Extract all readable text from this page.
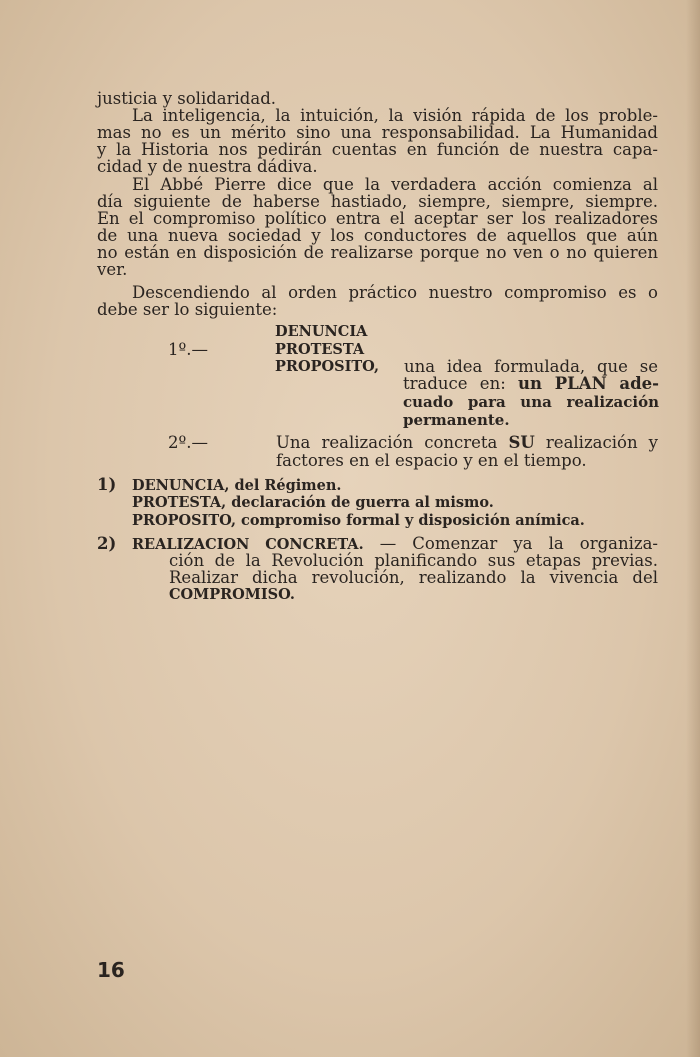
justicia y solidaridad.
La inteligencia, la intuición, la visión rápida de los proble-
mas no es un mérito sino una responsabilidad. La Humanidad
y la Historia nos pedirán cuentas en función de nuestra capa-
cidad y de nuestra dádiva.
El Abbé Pierre dice que la verdadera acción comienza al
día siguiente de haberse hastiado, siempre, siempre, siempre.
En el compromiso político entra el aceptar ser los realizadores
de una nueva sociedad y los conductores de aquellos que aún
no están en disposición de realizarse porque no ven o no quieren
ver.
Descendiendo al orden práctico nuestro compromiso es o
debe ser lo siguiente:
DENUNCIA
1º.—	PROTESTA
PROPOSITO, una idea formulada, que se
traduce en: un PLAN ade-
cuado para una realización
permanente.
2º.—	Una realización concreta SU realización y
factores en el espacio y en el tiempo.
1) DENUNCIA, del Régimen.
PROTESTA, declaración de guerra al mismo.
PROPOSITO, compromiso formal y disposición anímica.
2) REALIZACION CONCRETA. — Comenzar ya la organiza-
ción de la Revolución planificando sus etapas previas.
Realizar dicha revolución, realizando la vivencia del
COMPROMISO.
16
